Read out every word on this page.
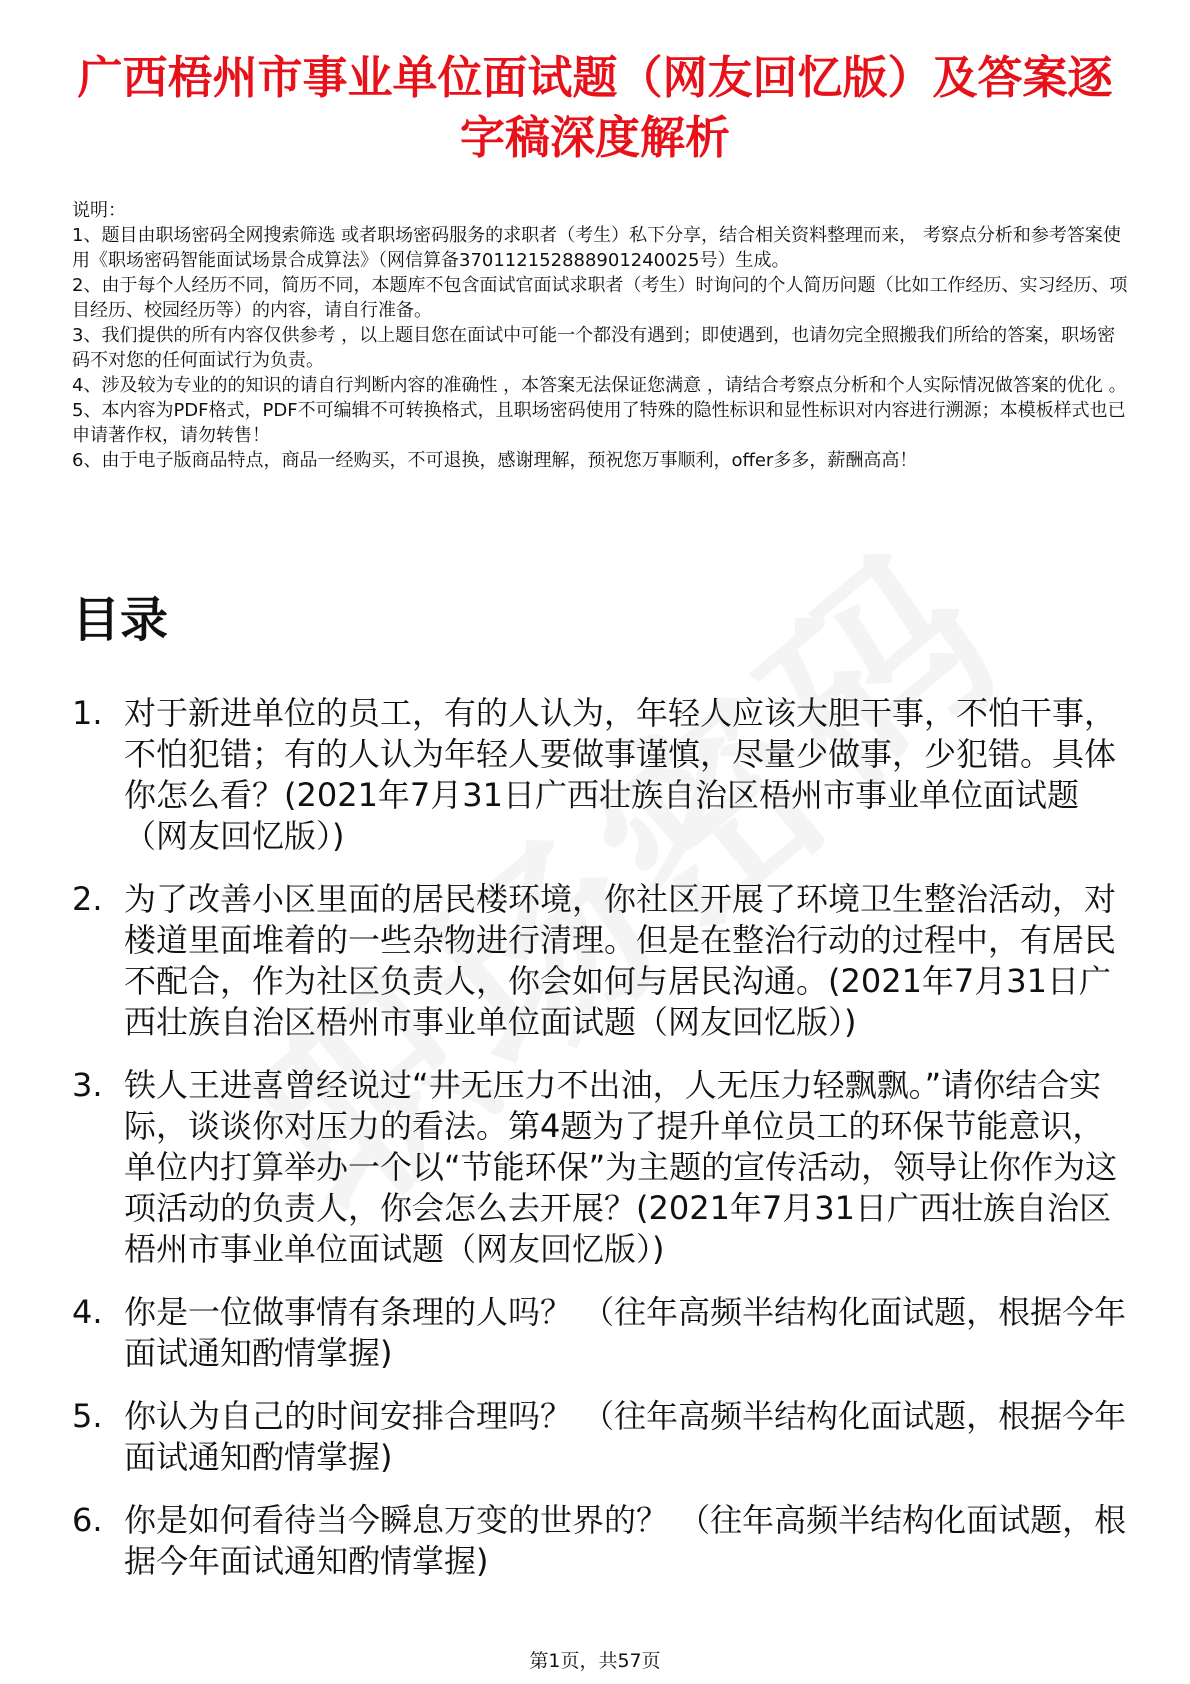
广西梧州市事业单位面试题（网友回忆版）及答案逐字稿深度解析

说明：

1、题目由职场密码全网搜索筛选 或者职场密码服务的求职者（考生）私下分享，结合相关资料整理而来， 考察点分析和参考答案使用《职场密码智能面试场景合成算法》（网信算备370112152888901240025号）生成。

2、由于每个人经历不同，简历不同，本题库不包含面试官面试求职者（考生）时询问的个人简历问题（比如工作经历、实习经历、项目经历、校园经历等）的内容，请自行准备。

3、我们提供的所有内容仅供参考 ，以上题目您在面试中可能一个都没有遇到；即使遇到，也请勿完全照搬我们所给的答案，职场密码不对您的任何面试行为负责。

4、涉及较为专业的的知识的请自行判断内容的准确性 ，本答案无法保证您满意 ，请结合考察点分析和个人实际情况做答案的优化 。

5、本内容为PDF格式，PDF不可编辑不可转换格式，且职场密码使用了特殊的隐性标识和显性标识对内容进行溯源；本模板样式也已申请著作权，请勿转售！

6、由于电子版商品特点，商品一经购买，不可退换，感谢理解，预祝您万事顺利，offer多多，薪酬高高！

目录
1. 对于新进单位的员工，有的人认为，年轻人应该大胆干事，不怕干事，不怕犯错；有的人认为年轻人要做事谨慎，尽量少做事，少犯错。具体你怎么看？(2021年7月31日广西壮族自治区梧州市事业单位面试题（网友回忆版）)
2. 为了改善小区里面的居民楼环境，你社区开展了环境卫生整治活动，对楼道里面堆着的一些杂物进行清理。但是在整治行动的过程中，有居民不配合，作为社区负责人，你会如何与居民沟通。(2021年7月31日广西壮族自治区梧州市事业单位面试题（网友回忆版）)
3. 铁人王进喜曾经说过“井无压力不出油，人无压力轻飘飘。”请你结合实际，谈谈你对压力的看法。第4题为了提升单位员工的环保节能意识，单位内打算举办一个以“节能环保”为主题的宣传活动，领导让你作为这项活动的负责人，你会怎么去开展？(2021年7月31日广西壮族自治区梧州市事业单位面试题（网友回忆版）)
4. 你是一位做事情有条理的人吗？ （往年高频半结构化面试题，根据今年面试通知酌情掌握)
5. 你认为自己的时间安排合理吗？ （往年高频半结构化面试题，根据今年面试通知酌情掌握)
6. 你是如何看待当今瞬息万变的世界的？ （往年高频半结构化面试题，根据今年面试通知酌情掌握)
第1页，共57页
